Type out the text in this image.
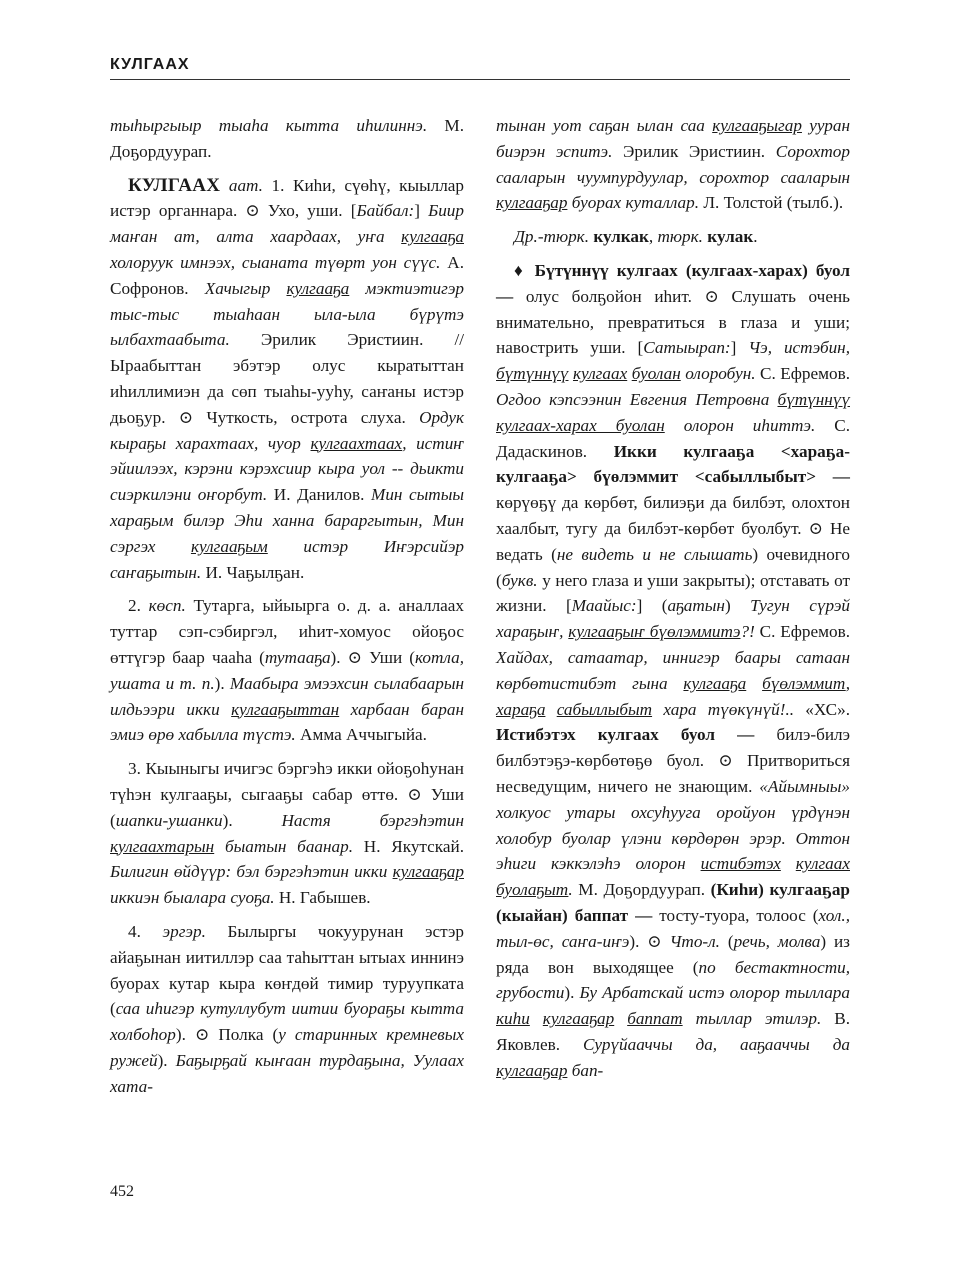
КУЛГААХ

тыһыргыыр тыаһа кытта иһилиннэ. М. Доҕордуурап.

КУЛГААХ аат. 1. Киһи, сүөһү, кыыллар истэр органнара. ⊙ Ухо, уши. [Байбал:] Биир маҥан ат, алта хаардаах, уҥа кулгааҕа холоруук имнээх, сыаната түөрт уон сүүс. А. Софронов. Хачыгыр кулгааҕа мэктиэтигэр тыс-тыс тыаһаан ыла-ыла бүрүтэ ылбахтаабыта. Эрилик Эристиин. // Ыраабыттан эбэтэр олус кыратыттан иһиллимиэн да сөп тыаһы-ууһу, саҥаны истэр дьоҕур. ⊙ Чуткость, острота слуха. Ордук кыраҕы харахтаах, чуор кулгаахтаах, истиҥ эйиилээх, кэрэни кэрэхсиир кыра уол -- дьикти сиэркилэни оҥорбут. И. Данилов. Мин сытыы хараҕым билэр Эһи ханна бараргытын, Мин сэргэх кулгааҕым истэр Иҥэрсийэр саҥаҕытын. И. Чаҕылҕан.

2. көсп. Тутарга, ыйыырга о. д. а. аналлаах туттар сэп-сэбиргэл, иһит-хомуос ойоҕос өттүгэр баар чааһа (тутааҕа). ⊙ Уши (котла, ушата и т. п.). Маабыра эмээхсин сылабаарын илдьээри икки кулгааҕыттан харбаан баран эмиэ өрө хабылла түстэ. Амма Аччыгыйа.

3. Кыыныгы ичигэс бэргэһэ икки ойоҕоһунан түһэн кулгааҕы, сыгааҕы сабар өттө. ⊙ Уши (шапки-ушанки). Настя бэргэһэтин кулгаахтарын быатын баанар. Н. Якутскай. Билигин өйдүүр: бэл бэргэһэтин икки кулгааҕар иккиэн быалара суоҕа. Н. Габышев.

4. эргэр. Былыргы чокуурунан эстэр айаҕынан иитиллэр саа таһыттан ытыах иннинэ буорах кутар кыра көҥдөй тимир туруупката (саа иһигэр кутуллубут иитии буораҕы кытта холбоһор). ⊙ Полка (у старинных кремневых ружей). Баҕырҕай кыҥаан турдаҕына, Уулаах хата-

тынан уот саҕан ылан саа кулгааҕыгар ууран биэрэн эспитэ. Эрилик Эристиин. Сорохтор сааларын чуумпурдуулар, сорохтор сааларын кулгааҕар буорах куталлар. Л. Толстой (тылб.).

Др.-тюрк. кулкак, тюрк. кулак.

♦ Бүтүннүү кулгаах (кулгаах-харах) буол — олус болҕойон иһит. ⊙ Слушать очень внимательно, превратиться в глаза и уши; навострить уши. [Сатыырап:] Чэ, истэбин, бүтүннүү кулгаах буолан олоробун. С. Ефремов. Огдоо кэпсээнин Евгения Петровна бүтүннүү кулгаах-харах буолан олорон иһиттэ. С. Дадаскинов. Икки кулгааҕа <хараҕа-кулгааҕа> бүөлэммит <сабыллыбыт> — көрүөҕү да көрбөт, билиэҕи да билбэт, олохтон хаалбыт, тугу да билбэт-көрбөт буолбут. ⊙ Не ведать (не видеть и не слышать) очевидного (букв. у него глаза и уши закрыты); отставать от жизни. [Маайыс:] (аҕатын) Тугун сүрэй хараҕыҥ, кулгааҕыҥ бүөлэммитэ?! С. Ефремов. Хайдах, сатаатар, иннигэр баары сатаан көрбөтистибэт гына кулгааҕа бүөлэммит, хараҕа сабыллыбыт хара түөкүнүй!.. «ХС». Истибэтэх кулгаах буол — билэ-билэ билбэтэҕэ-көрбөтөҕө буол. ⊙ Притвориться несведущим, ничего не знающим. «Айымныы» холкуос утары охсуһууга оройуон үрдүнэн холобур буолар үлэни көрдөрөн эрэр. Оттон эһиги кэккэлэһэ олорон истибэтэх кулгаах буолаҕыт. М. Доҕордуурап. (Киһи) кулгааҕар (кыайан) баппат — тосту-туора, толоос (хол., тыл-өс, саҥа-иҥэ). ⊙ Что-л. (речь, молва) из ряда вон выходящее (по бестактности, грубости). Бу Арбатскай истэ олорор тыллара киһи кулгааҕар баппат тыллар этилэр. В. Яковлев. Сурүйааччы да, ааҕааччы да кулгааҕар бап-

452
